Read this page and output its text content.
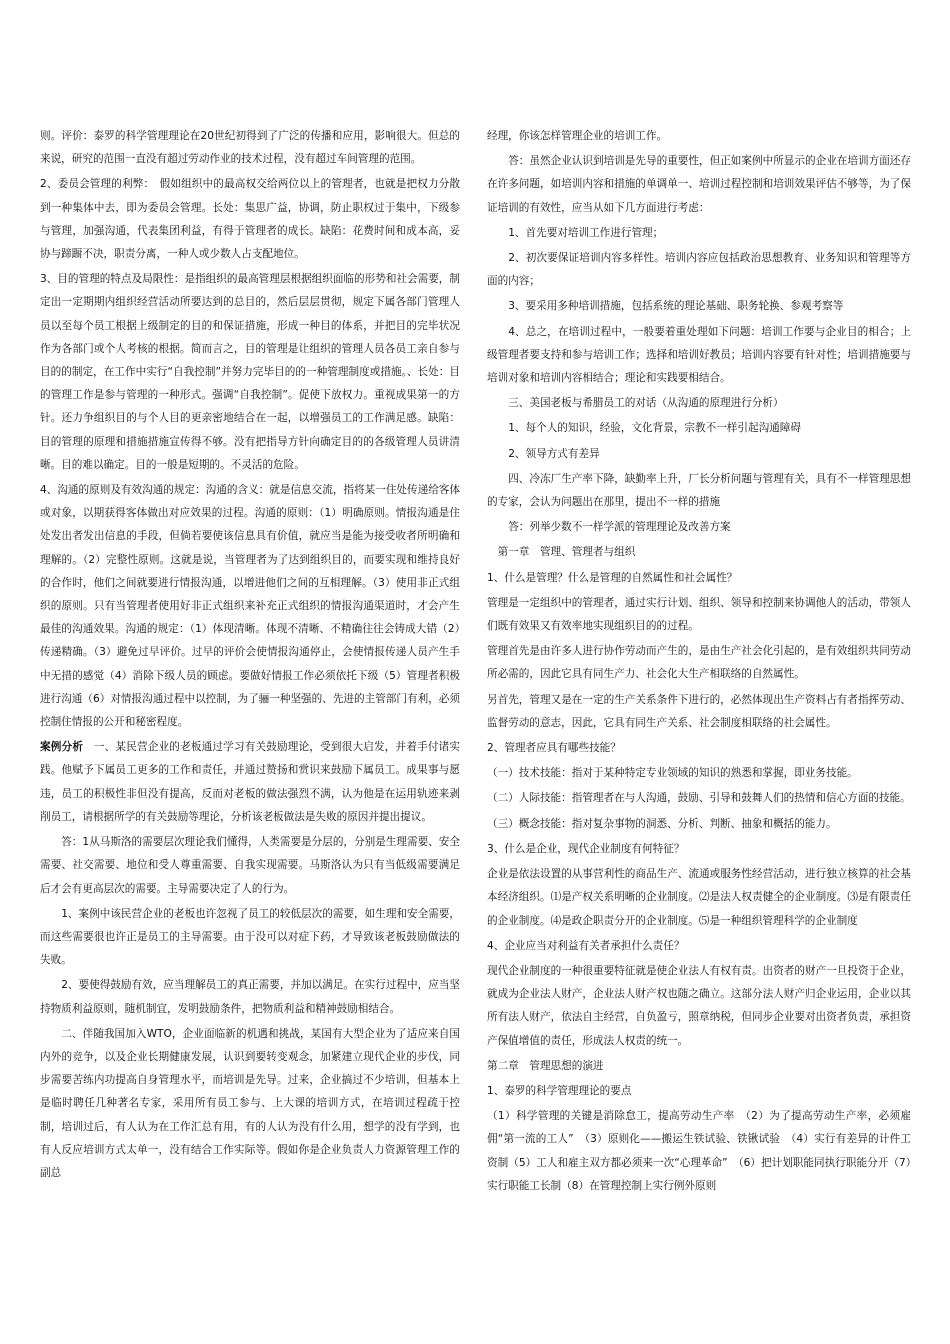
则。评价：泰罗的科学管理理论在20世纪初得到了广泛的传播和应用，影响很大。但总的来说，研究的范围一直没有超过劳动作业的技术过程，没有超过车间管理的范围。

2、委员会管理的利弊：　假如组织中的最高权交给两位以上的管理者，也就是把权力分散到一种集体中去，即为委员会管理。长处：集思广益，协调，防止职权过于集中，下级参与管理，加强沟通，代表集团利益，有得于管理者的成长。缺陷：花费时间和成本高，妥协与蹄蹰不决，职责分离，一种人或少数人占支配地位。

3、目的管理的特点及局限性：是指组织的最高管理层根据组织面临的形势和社会需要，制定出一定期期内组织经营活动所要达到的总目的，然后层层贯彻，规定下属各部门管理人员以至每个员工根据上级制定的目的和保证措施，形成一种目的体系，并把目的完毕状况作为各部门或个人考核的根据。简而言之，目的管理是让组织的管理人员各员工亲自参与目的的制定，在工作中实行“自我控制”并努力完毕目的的一种管理制度或措施。、长处：目的管理工作是参与管理的一种形式。强调“自我控制”。促使下放权力。重视成果第一的方针。还力争组织目的与个人目的更亲密地结合在一起，以增强员工的工作满足感。缺陷：目的管理的原理和措施措施宣传得不够。没有把指导方针向确定目的的各级管理人员讲清晰。目的难以确定。目的一般是短期的。不灵活的危险。

4、沟通的原则及有效沟通的规定：沟通的含义：就是信息交流，指将某一住处传递给客体或对象，以期获得客体做出对应效果的过程。沟通的原则：（1）明确原则。情报沟通是住处发出者发出信息的手段，但倘若要使该信息具有价值，就应当是能为接受收者所明确和理解的。（2）完整性原则。这就是说，当管理者为了达到组织目的，而要实现和维持良好的合作时，他们之间就要进行情报沟通，以增进他们之间的互相理解。（3）使用非正式组织的原则。只有当管理者使用好非正式组织来补充正式组织的情报沟通渠道时，才会产生最佳的沟通效果。沟通的规定：（1）体现清晰。体现不清晰、不精确往往会铸成大错（2）传递精确。（3）避免过早评价。过早的评价会使情报沟通停止，会使情报传递人员产生手中无措的感觉（4）消除下级人员的顾虑。要做好情报工作必须依托下级（5）管理者积极进行沟通（6）对情报沟通过程中以控制，为了骊一种坚强的、先进的主管部门有利，必须控制住情报的公开和秘密程度。

案例分析　一、某民营企业的老板通过学习有关鼓励理论，受到很大启发，并着手付诸实践。他赋予下属员工更多的工作和责任，并通过赞扬和赏识来鼓励下属员工。成果事与愿违，员工的积极性非但没有提高，反而对老板的做法强烈不满，认为他是在运用轨迹来剥削员工，请根据所学的有关鼓励等理论，分析该老板做法是失败的原因并提出提议。

答：1从马斯洛的需要层次理论我们懂得，人类需要是分层的，分别是生理需要、安全需要、社交需要、地位和受人尊重需要、自我实现需要。马斯洛认为只有当低级需要满足后才会有更高层次的需要。主导需要决定了人的行为。

1、案例中该民营企业的老板也许忽视了员工的较低层次的需要，如生理和安全需要，而这些需要很也许正是员工的主导需要。由于没可以对症下药，才导致该老板鼓励做法的失败。

2、要使得鼓励有效，应当理解员工的真正需要，并加以满足。在实行过程中，应当坚持物质利益原则，随机制宜，发明鼓励条件，把物质利益和精神鼓励相结合。

二、伴随我国加入WTO，企业面临新的机遇和挑战，某国有大型企业为了适应来自国内外的竞争，以及企业长期健康发展，认识到要转变观念，加紧建立现代企业的步伐，同步需要苦练内功提高自身管理水平，而培训是先导。过来，企业搞过不少培训，但基本上是临时聘任几种著名专家，采用所有员工参与、上大课的培训方式，在培训过程疏于控制，培训过后，有人认为在工作汇总有用，有的人认为没有什么用，想学的没有学到，也有人反应培训方式太单一，没有结合工作实际等。假如你是企业负责人力资源管理工作的副总

经理，你该怎样管理企业的培训工作。

答：虽然企业认识到培训是先导的重要性，但正如案例中所显示的企业在培训方面还存在许多问题，如培训内容和措施的单调单一、培训过程控制和培训效果评估不够等，为了保证培训的有效性，应当从如下几方面进行考虑：

1、首先要对培训工作进行管理；

2、初次要保证培训内容多样性。培训内容应包括政治思想教育、业务知识和管理等方面的内容；

3、要采用多种培训措施，包括系统的理论基础、职务轮换、参观考察等

4、总之，在培训过程中，一般要着重处理如下问题：培训工作要与企业目的相合；上级管理者要支持和参与培训工作；选择和培训好教员；培训内容要有针对性；培训措施要与培训对象和培训内容相结合；理论和实践要相结合。

三、美国老板与希腊员工的对话（从沟通的原理进行分析）

1、每个人的知识，经验，文化背景，宗教不一样引起沟通障碍

2、领导方式有差异

四、冷冻厂生产率下降，缺勤率上升，厂长分析问题与管理有关，具有不一样管理思想的专家，会认为问题出在那里，提出不一样的措施

答：列举少数不一样学派的管理理论及改善方案

　第一章　管理、管理者与组织

1、什么是管理？什么是管理的自然属性和社会属性？

管理是一定组织中的管理者，通过实行计划、组织、领导和控制来协调他人的活动，带领人们既有效果又有效率地实现组织目的的过程。

管理首先是由许多人进行协作劳动而产生的，是由生产社会化引起的，是有效组织共同劳动所必需的，因此它具有同生产力、社会化大生产相联络的自然属性。

另首先，管理又是在一定的生产关系条件下进行的，必然体现出生产资料占有者指挥劳动、监督劳动的意志，因此，它具有同生产关系、社会制度相联络的社会属性。

2、管理者应具有哪些技能？

（一）技术技能：指对于某种特定专业领域的知识的熟悉和掌握，即业务技能。

（二）人际技能：指管理者在与人沟通，鼓励、引导和鼓舞人们的热情和信心方面的技能。

（三）概念技能：指对复杂事物的洞悉、分析、判断、抽象和概括的能力。

3、什么是企业，现代企业制度有何特征？

企业是依法设置的从事营利性的商品生产、流通或服务性经营活动，进行独立核算的社会基本经济组织。⑴是产权关系明晰的企业制度。⑵是法人权责健全的企业制度。⑶是有限责任的企业制度。⑷是政企职责分开的企业制度。⑸是一种组织管理科学的企业制度

4、企业应当对利益有关者承担什么责任？

现代企业制度的一种很重要特征就是使企业法人有权有责。出资者的财产一旦投资于企业，就成为企业法人财产，企业法人财产权也随之确立。这部分法人财产归企业运用，企业以其所有法人财产，依法自主经营，自负盈亏，照章纳税，但同步企业要对出资者负责，承担资产保值增值的责任，形成法人权责的统一。

第二章　管理思想的演进

1、泰罗的科学管理理论的要点

（1）科学管理的关键是消除怠工，提高劳动生产率　（2）为了提高劳动生产率，必须雇佣“第一流的工人”　（3）原则化——搬运生铁试验、铁锹试验　（4）实行有差异的计件工资制（5）工人和雇主双方都必须来一次“心理革命”　（6）把计划职能同执行职能分开（7）实行职能工长制（8）在管理控制上实行例外原则
